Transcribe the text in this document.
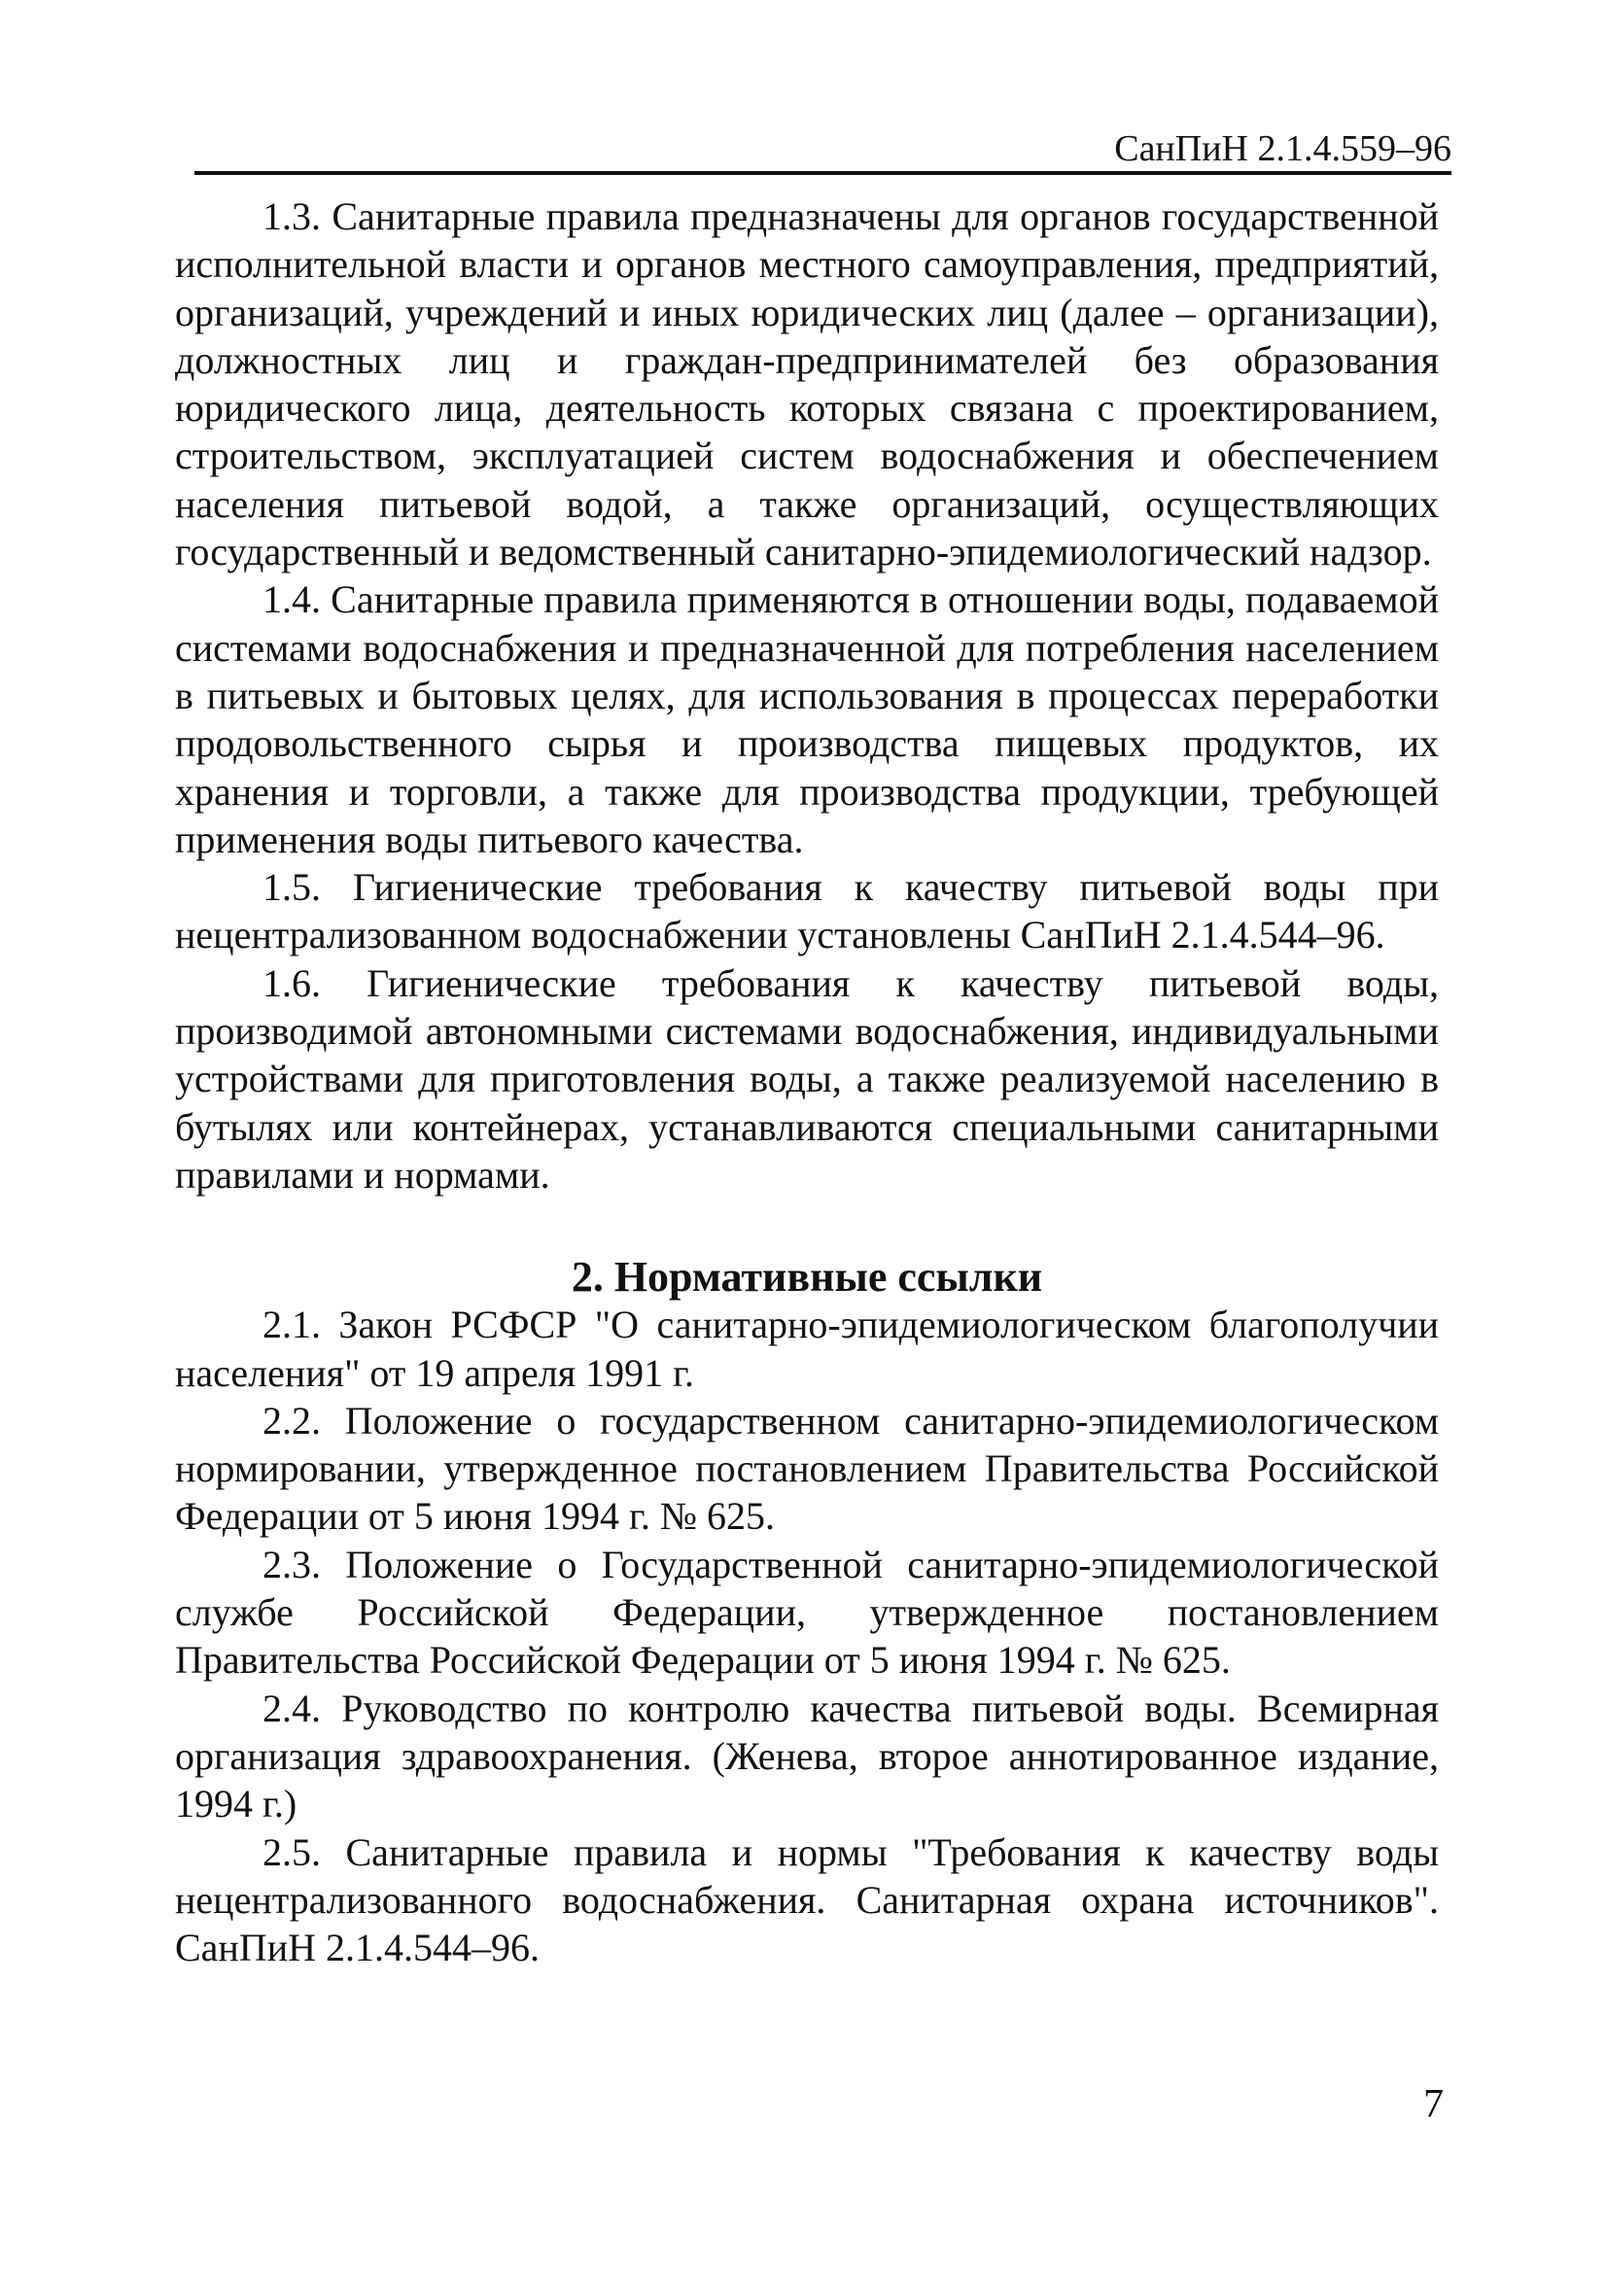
СанПиН 2.1.4.559–96

1.3. Санитарные правила предназначены для органов государственной исполнительной власти и органов местного самоуправления, предприятий, организаций, учреждений и иных юридических лиц (далее – организации), должностных лиц и граждан-предпринимателей без образования юридического лица, деятельность которых связана с проектированием, строительством, эксплуатацией систем водоснабжения и обеспечением населения питьевой водой, а также организаций, осуществляющих государственный и ведомственный санитарно-эпидемиологический надзор.

1.4. Санитарные правила применяются в отношении воды, подаваемой системами водоснабжения и предназначенной для потребления населением в питьевых и бытовых целях, для использования в процессах переработки продовольственного сырья и производства пищевых продуктов, их хранения и торговли, а также для производства продукции, требующей применения воды питьевого качества.

1.5. Гигиенические требования к качеству питьевой воды при нецентрализованном водоснабжении установлены СанПиН 2.1.4.544–96.

1.6. Гигиенические требования к качеству питьевой воды, производимой автономными системами водоснабжения, индивидуальными устройствами для приготовления воды, а также реализуемой населению в бутылях или контейнерах, устанавливаются специальными санитарными правилами и нормами.

2. Нормативные ссылки

2.1. Закон РСФСР "О санитарно-эпидемиологическом благополучии населения" от 19 апреля 1991 г.

2.2. Положение о государственном санитарно-эпидемиологическом нормировании, утвержденное постановлением Правительства Российской Федерации от 5 июня 1994 г. № 625.

2.3. Положение о Государственной санитарно-эпидемиологической службе Российской Федерации, утвержденное постановлением Правительства Российской Федерации от 5 июня 1994 г. № 625.

2.4. Руководство по контролю качества питьевой воды. Всемирная организация здравоохранения. (Женева, второе аннотированное издание, 1994 г.)

2.5. Санитарные правила и нормы "Требования к качеству воды нецентрализованного водоснабжения. Санитарная охрана источников". СанПиН 2.1.4.544–96.

7
